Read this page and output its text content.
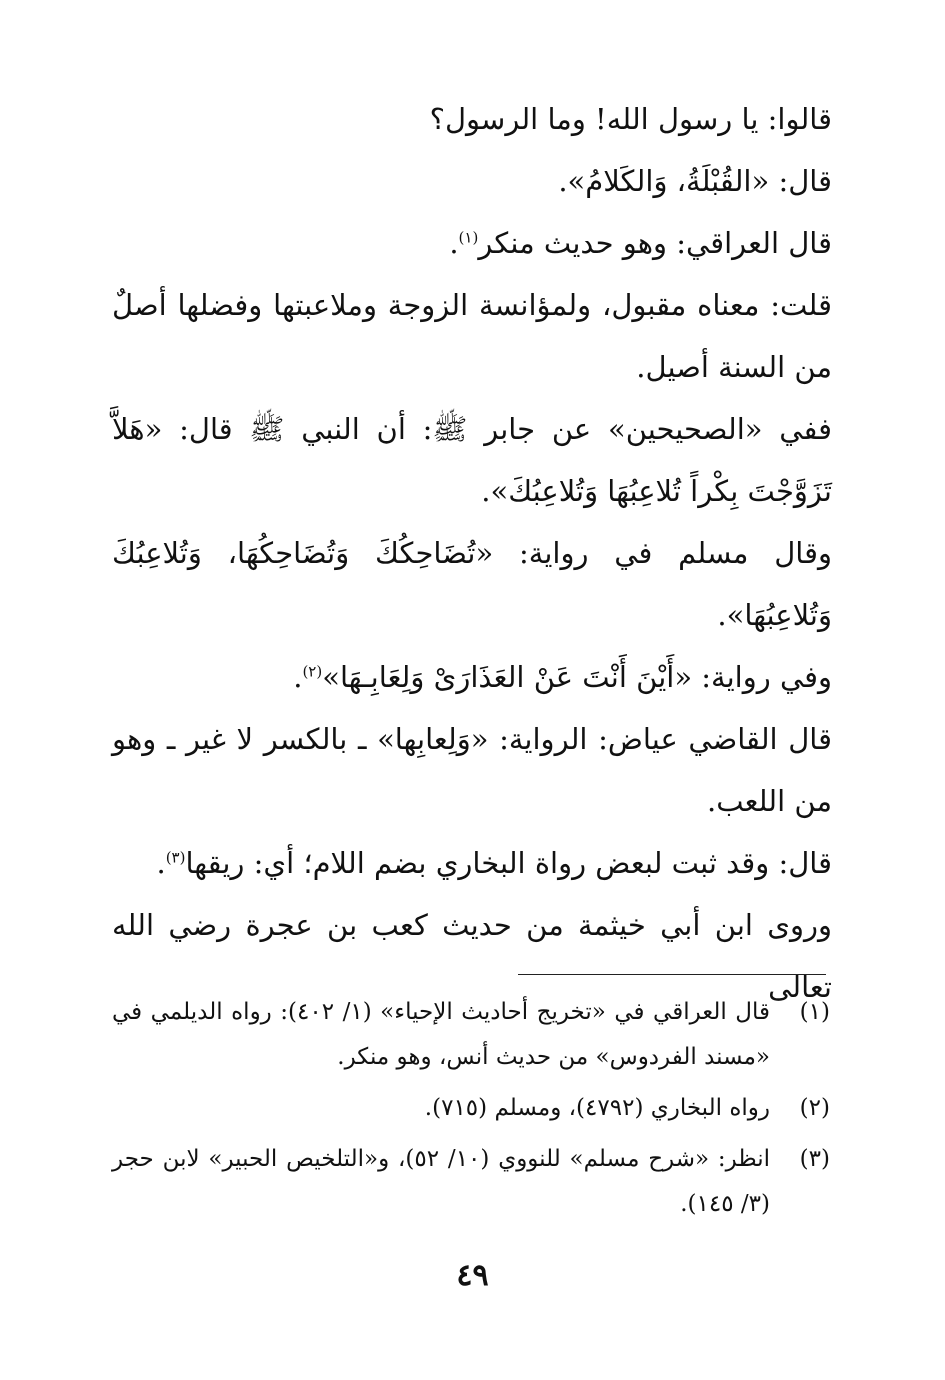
قالوا: يا رسول الله! وما الرسول؟

قال: «القُبْلَةُ، وَالكَلامُ».

قال العراقي: وهو حديث منكر$^{(١)}$.

قلت: معناه مقبول، ولمؤانسة الزوجة وملاعبتها وفضلها أصلٌ من السنة أصيل.

ففي «الصحيحين» عن جابر ﷺ: أن النبي ﷺ قال: «هَلاَّ تَزَوَّجْتَ بِكْراً تُلاعِبُهَا وَتُلاعِبُكَ».

وقال مسلم في رواية: «تُضَاحِكُكَ وَتُضَاحِكُهَا، وَتُلاعِبُكَ وَتُلاعِبُهَا».

وفي رواية: «أَيْنَ أَنْتَ عَنْ العَذَارَىْ وَلِعَابِـهَا»$^{(٢)}$.

قال القاضي عياض: الرواية: «وَلِعابِها» ـ بالكسر لا غير ـ وهو من اللعب.

قال: وقد ثبت لبعض رواة البخاري بضم اللام؛ أي: ريقها$^{(٣)}$.

وروى ابن أبي خيثمة من حديث كعب بن عجرة رضي الله تعالى

(١)
قال العراقي في «تخريج أحاديث الإحياء» (١/ ٤٠٢): رواه الديلمي في «مسند الفردوس» من حديث أنس، وهو منكر.
(٢)
رواه البخاري (٤٧٩٢)، ومسلم (٧١٥).
(٣)
انظر: «شرح مسلم» للنووي (١٠/ ٥٢)، و«التلخيص الحبير» لابن حجر (٣/ ١٤٥).
٤٩
